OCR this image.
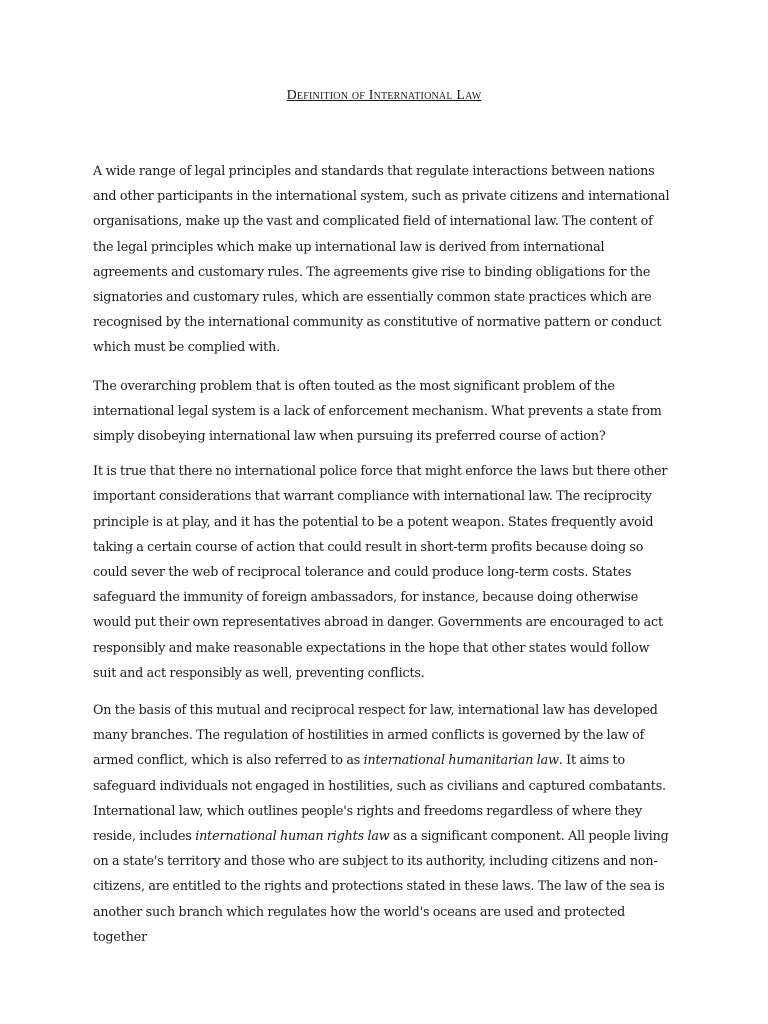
Definition of International Law

A wide range of legal principles and standards that regulate interactions between nations and other participants in the international system, such as private citizens and international organisations, make up the vast and complicated field of international law. The content of the legal principles which make up international law is derived from international agreements and customary rules. The agreements give rise to binding obligations for the signatories and customary rules, which are essentially common state practices which are recognised by the international community as constitutive of normative pattern or conduct which must be complied with.

The overarching problem that is often touted as the most significant problem of the international legal system is a lack of enforcement mechanism. What prevents a state from simply disobeying international law when pursuing its preferred course of action?

It is true that there no international police force that might enforce the laws but there other important considerations that warrant compliance with international law. The reciprocity principle is at play, and it has the potential to be a potent weapon. States frequently avoid taking a certain course of action that could result in short-term profits because doing so could sever the web of reciprocal tolerance and could produce long-term costs. States safeguard the immunity of foreign ambassadors, for instance, because doing otherwise would put their own representatives abroad in danger. Governments are encouraged to act responsibly and make reasonable expectations in the hope that other states would follow suit and act responsibly as well, preventing conflicts.

On the basis of this mutual and reciprocal respect for law, international law has developed many branches. The regulation of hostilities in armed conflicts is governed by the law of armed conflict, which is also referred to as international humanitarian law. It aims to safeguard individuals not engaged in hostilities, such as civilians and captured combatants. International law, which outlines people's rights and freedoms regardless of where they reside, includes international human rights law as a significant component. All people living on a state's territory and those who are subject to its authority, including citizens and non-citizens, are entitled to the rights and protections stated in these laws. The law of the sea is another such branch which regulates how the world's oceans are used and protected together
